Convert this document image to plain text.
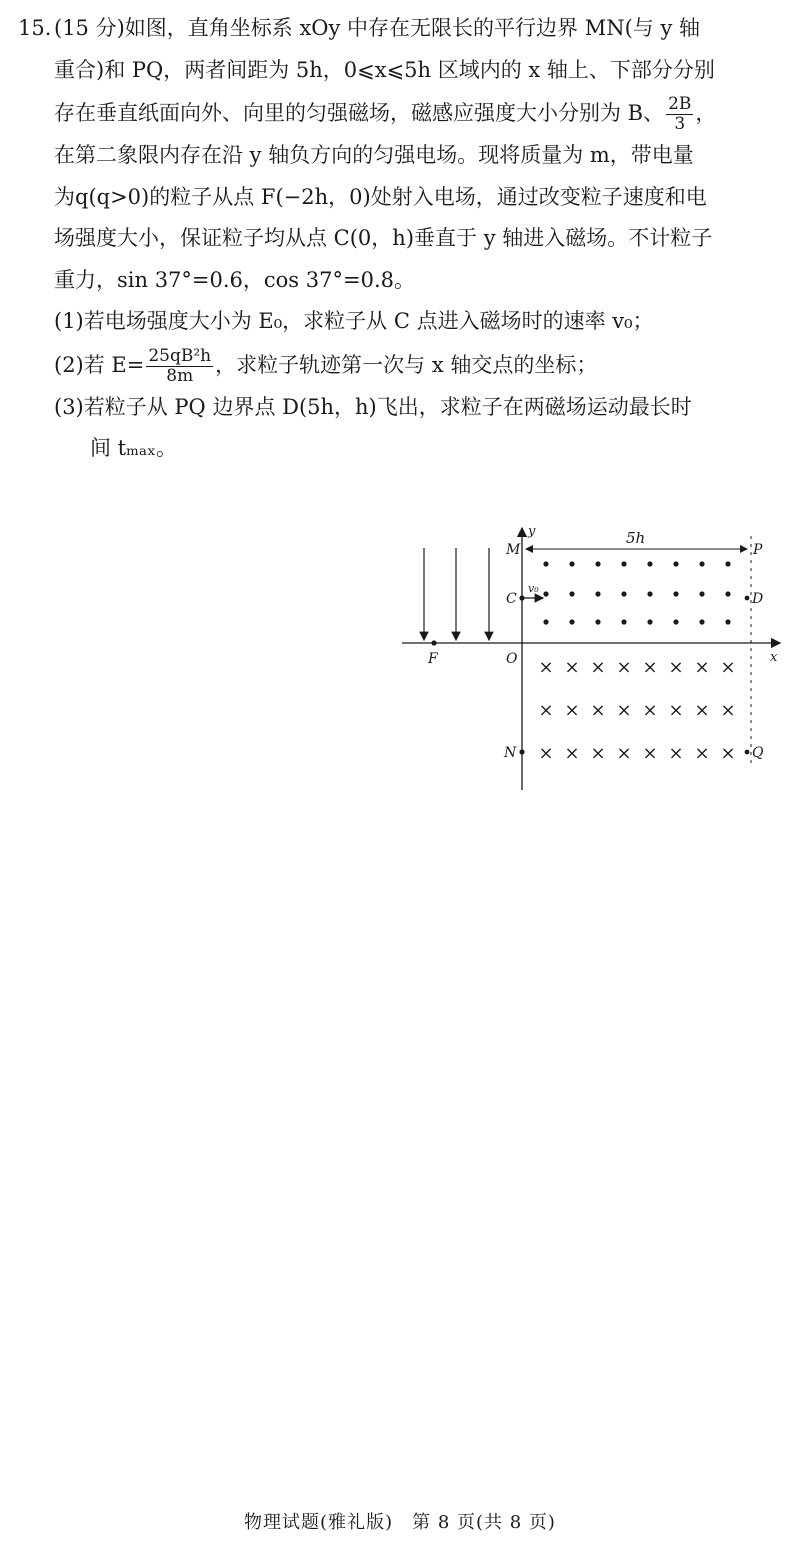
15. (15 分)如图，直角坐标系 xOy 中存在无限长的平行边界 MN(与 y 轴
重合)和 PQ，两者间距为 5h，0⩽x⩽5h 区域内的 x 轴上、下部分分别
存在垂直纸面向外、向里的匀强磁场，磁感应强度大小分别为 B、 $\frac{2B}{3}$ ，
在第二象限内存在沿 y 轴负方向的匀强电场。现将质量为 m，带电量
为q(q>0)的粒子从点 F(−2h，0)处射入电场，通过改变粒子速度和电
场强度大小，保证粒子均从点 C(0，h)垂直于 y 轴进入磁场。不计粒子
重力，sin 37°=0.6，cos 37°=0.8。
(1)若电场强度大小为 E₀，求粒子从 C 点进入磁场时的速率 v₀；
(2)若 $E= \frac{\text{25qB²h}}{8m}$ ，求粒子轨迹第一次与 x 轴交点的坐标；
(3)若粒子从 PQ 边界点 D(5h，h)飞出，求粒子在两磁场运动最长时
间 tₘₐₓ。
5h
F
C
v₀
N
M
y
x
O
P
D
Q
× × × × × × × ×
× × × × × × × ×
× × × × × × × ×
物理试题(雅礼版)　第 8 页(共 8 页)
